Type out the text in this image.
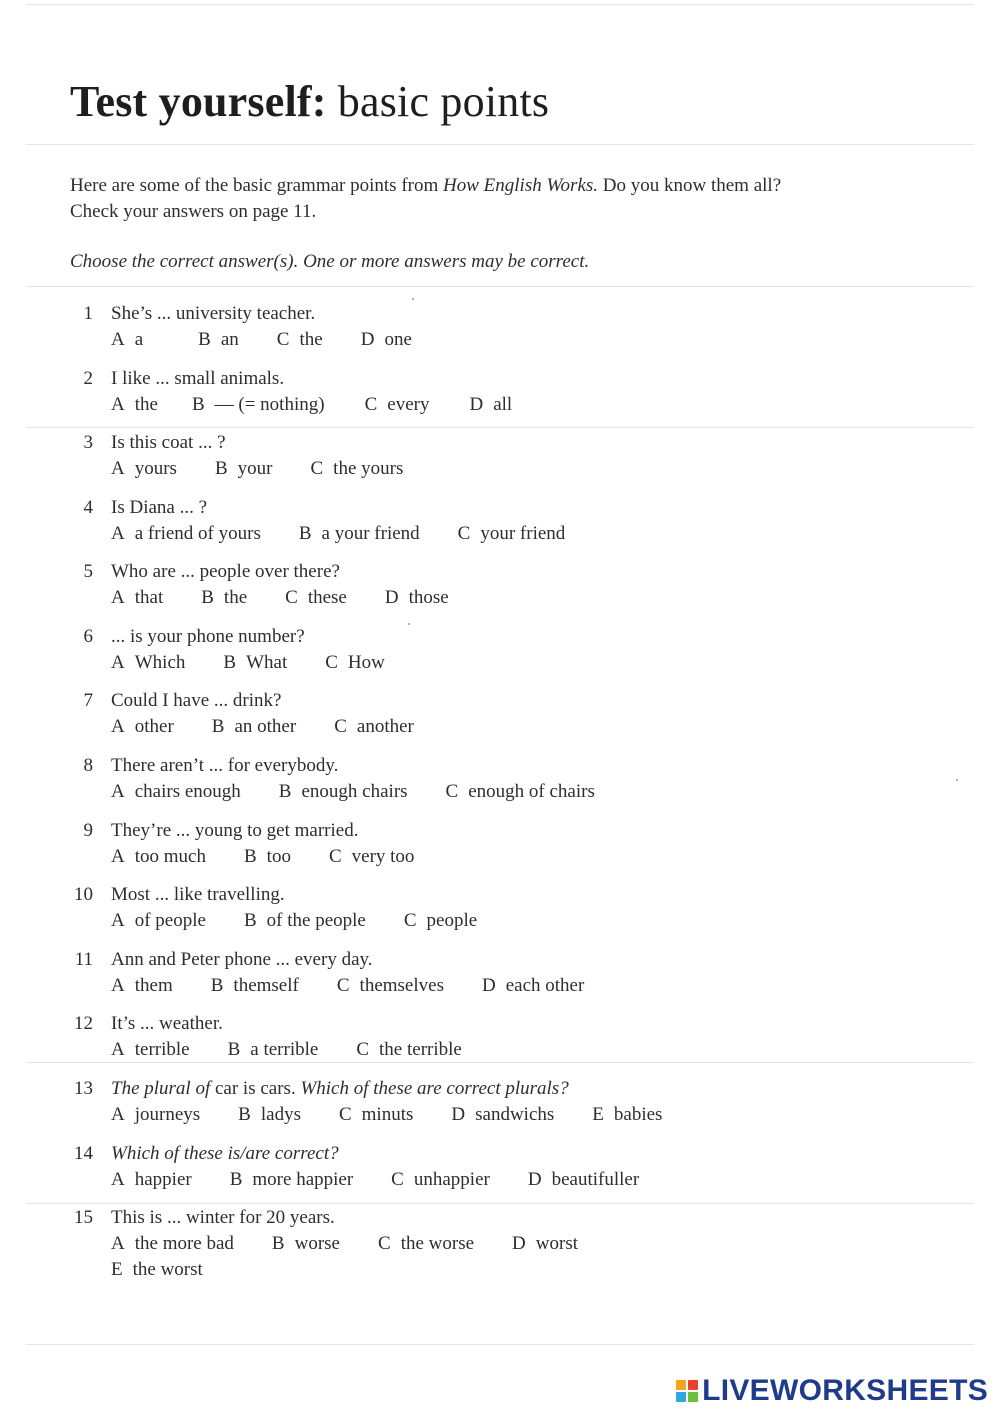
Test yourself: basic points
Here are some of the basic grammar points from How English Works. Do you know them all? Check your answers on page 11.
Choose the correct answer(s). One or more answers may be correct.
1 She’s ... university teacher.
A a	B an C the D one
2 I like ... small animals.
A the B — (= nothing) C every D all
3 Is this coat ... ?
A yours B your C the yours
4 Is Diana ... ?
A a friend of yours B a your friend C your friend
5 Who are ... people over there?
A that B the C these D those
6 ... is your phone number?
A Which B What C How
7 Could I have ... drink?
A other B an other C another
8 There aren’t ... for everybody.
A chairs enough B enough chairs C enough of chairs
9 They’re ... young to get married.
A too much B too C very too
10 Most ... like travelling.
A of people B of the people C people
11 Ann and Peter phone ... every day.
A them B themself C themselves D each other
12 It’s ... weather.
A terrible B a terrible C the terrible
13 The plural of car is cars. Which of these are correct plurals?
A journeys B ladys C minuts D sandwichs E babies
14 Which of these is/are correct?
A happier B more happier C unhappier D beautifuller
15 This is ... winter for 20 years.
A the more bad B worse C the worse D worst
E the worst
LIVEWORKSHEETS
